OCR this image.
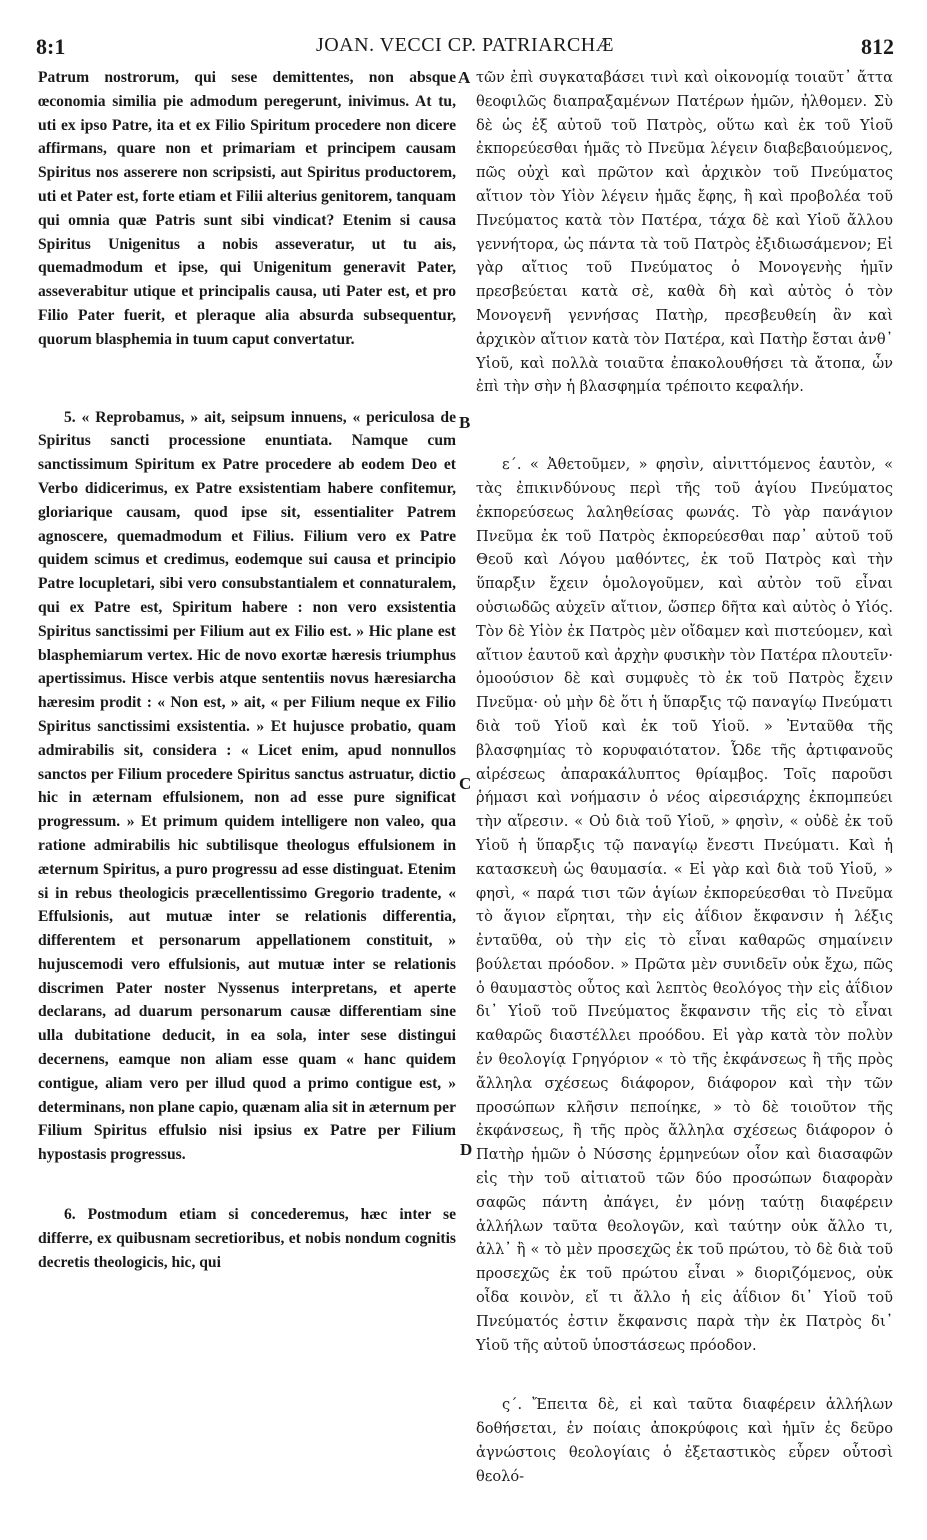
8:1	JOAN. VECCI CP. PATRIARCHÆ	812

Patrum nostrorum, qui sese demittentes, non absque œconomia similia pie admodum peregerunt, inivimus. At tu, uti ex ipso Patre, ita et ex Filio Spiritum procedere non dicere affirmans, quare non et primariam et principem causam Spiritus nos asserere non scripsisti, aut Spiritus productorem, uti et Pater est, forte etiam et Filii alterius genitorem, tanquam qui omnia quæ Patris sunt sibi vindicat? Etenim si causa Spiritus Unigenitus a nobis asseveratur, ut tu ais, quemadmodum et ipse, qui Unigenitum generavit Pater, asseverabitur utique et principalis causa, uti Pater est, et pro Filio Pater fuerit, et pleraque alia absurda subsequentur, quorum blasphemia in tuum caput convertatur.

5. « Reprobamus, » ait, seipsum innuens, « periculosa de Spiritus sancti processione enuntiata. Namque cum sanctissimum Spiritum ex Patre procedere ab eodem Deo et Verbo didicerimus, ex Patre exsistentiam habere confitemur, gloriarique causam, quod ipse sit, essentialiter Patrem agnoscere, quemadmodum et Filius. Filium vero ex Patre quidem scimus et credimus, eodemque sui causa et principio Patre locupletari, sibi vero consubstantialem et connaturalem, qui ex Patre est, Spiritum habere : non vero exsistentia Spiritus sanctissimi per Filium aut ex Filio est. » Hic plane est blasphemiarum vertex. Hic de novo exortæ hæresis triumphus apertissimus. Hisce verbis atque sententiis novus hæresiarcha hæresim prodit : « Non est, » ait, « per Filium neque ex Filio Spiritus sanctissimi exsistentia. » Et hujusce probatio, quam admirabilis sit, considera : « Licet enim, apud nonnullos sanctos per Filium procedere Spiritus sanctus astruatur, dictio hic in æternam effulsionem, non ad esse pure significat progressum. » Et primum quidem intelligere non valeo, qua ratione admirabilis hic subtilisque theologus effulsionem in æternum Spiritus, a puro progressu ad esse distinguat. Etenim si in rebus theologicis præcellentissimo Gregorio tradente, « Effulsionis, aut mutuæ inter se relationis differentia, differentem et personarum appellationem constituit, » hujuscemodi vero effulsionis, aut mutuæ inter se relationis discrimen Pater noster Nyssenus interpretans, et aperte declarans, ad duarum personarum causæ differentiam sine ulla dubitatione deducit, in ea sola, inter sese distingui decernens, eamque non aliam esse quam « hanc quidem contigue, aliam vero per illud quod a primo contigue est, » determinans, non plane capio, quænam alia sit in æternum per Filium Spiritus effulsio nisi ipsius ex Patre per Filium hypostasis progressus.

6. Postmodum etiam si concederemus, hæc inter se differre, ex quibusnam secretioribus, et nobis nondum cognitis decretis theologicis, hic, qui

A
B
C
D

τῶν ἐπὶ συγκαταβάσει τινὶ καὶ οἰκονομίᾳ τοιαῦτ᾽ ἄττα θεοφιλῶς διαπραξαμένων Πατέρων ἡμῶν, ἠλθομεν. Σὺ δὲ ὡς ἐξ αὐτοῦ τοῦ Πατρὸς, οὕτω καὶ ἐκ τοῦ Υἱοῦ ἐκπορεύεσθαι ἡμᾶς τὸ Πνεῦμα λέγειν διαβεβαιούμενος, πῶς οὐχὶ καὶ πρῶτον καὶ ἀρχικὸν τοῦ Πνεύματος αἴτιον τὸν Υἱὸν λέγειν ἡμᾶς ἔφης, ἢ καὶ προβολέα τοῦ Πνεύματος κατὰ τὸν Πατέρα, τάχα δὲ καὶ Υἱοῦ ἄλλου γεννήτορα, ὡς πάντα τὰ τοῦ Πατρὸς ἐξιδιωσάμενον; Εἰ γὰρ αἴτιος τοῦ Πνεύματος ὁ Μονογενὴς ἡμῖν πρεσβεύεται κατὰ σὲ, καθὰ δὴ καὶ αὐτὸς ὁ τὸν Μονογενῆ γεννήσας Πατὴρ, πρεσβευθείη ἂν καὶ ἀρχικὸν αἴτιον κατὰ τὸν Πατέρα, καὶ Πατὴρ ἔσται ἀνθ᾽ Υἱοῦ, καὶ πολλὰ τοιαῦτα ἐπακολουθήσει τὰ ἄτοπα, ὧν ἐπὶ τὴν σὴν ἡ βλασφημία τρέποιτο κεφαλήν.

ε΄. « Ἀθετοῦμεν, » φησὶν, αἰνιττόμενος ἑαυτὸν, « τὰς ἐπικινδύνους περὶ τῆς τοῦ ἁγίου Πνεύματος ἐκπορεύσεως λαληθείσας φωνάς. Τὸ γὰρ πανάγιον Πνεῦμα ἐκ τοῦ Πατρὸς ἐκπορεύεσθαι παρ᾽ αὐτοῦ τοῦ Θεοῦ καὶ Λόγου μαθόντες, ἐκ τοῦ Πατρὸς καὶ τὴν ὕπαρξιν ἔχειν ὁμολογοῦμεν, καὶ αὐτὸν τοῦ εἶναι οὐσιωδῶς αὐχεῖν αἴτιον, ὥσπερ δῆτα καὶ αὐτὸς ὁ Υἱός. Τὸν δὲ Υἱὸν ἐκ Πατρὸς μὲν οἴδαμεν καὶ πιστεύομεν, καὶ αἴτιον ἑαυτοῦ καὶ ἀρχὴν φυσικὴν τὸν Πατέρα πλουτεῖν· ὁμοούσιον δὲ καὶ συμφυὲς τὸ ἐκ τοῦ Πατρὸς ἔχειν Πνεῦμα· οὐ μὴν δὲ ὅτι ἡ ὕπαρξις τῷ παναγίῳ Πνεύματι διὰ τοῦ Υἱοῦ καὶ ἐκ τοῦ Υἱοῦ. » Ἐνταῦθα τῆς βλασφημίας τὸ κορυφαιότατον. Ὧδε τῆς ἀρτιφανοῦς αἱρέσεως ἀπαρακάλυπτος θρίαμβος. Τοῖς παροῦσι ῥήμασι καὶ νοήμασιν ὁ νέος αἱρεσιάρχης ἐκπομπεύει τὴν αἵρεσιν. « Οὐ διὰ τοῦ Υἱοῦ, » φησὶν, « οὐδὲ ἐκ τοῦ Υἱοῦ ἡ ὕπαρξις τῷ παναγίῳ ἔνεστι Πνεύματι. Καὶ ἡ κατασκευὴ ὡς θαυμασία. « Εἰ γὰρ καὶ διὰ τοῦ Υἱοῦ, » φησὶ, « παρά τισι τῶν ἁγίων ἐκπορεύεσθαι τὸ Πνεῦμα τὸ ἅγιον εἴρηται, τὴν εἰς ἀΐδιον ἔκφανσιν ἡ λέξις ἐνταῦθα, οὐ τὴν εἰς τὸ εἶναι καθαρῶς σημαίνειν βούλεται πρόοδον. » Πρῶτα μὲν συνιδεῖν οὐκ ἔχω, πῶς ὁ θαυμαστὸς οὗτος καὶ λεπτὸς θεολόγος τὴν εἰς ἀΐδιον δι᾽ Υἱοῦ τοῦ Πνεύματος ἔκφανσιν τῆς εἰς τὸ εἶναι καθαρῶς διαστέλλει προόδου. Εἰ γὰρ κατὰ τὸν πολὺν ἐν θεολογίᾳ Γρηγόριον « τὸ τῆς ἐκφάνσεως ἢ τῆς πρὸς ἄλληλα σχέσεως διάφορον, διάφορον καὶ τὴν τῶν προσώπων κλῆσιν πεποίηκε, » τὸ δὲ τοιοῦτον τῆς ἐκφάνσεως, ἢ τῆς πρὸς ἄλληλα σχέσεως διάφορον ὁ Πατὴρ ἡμῶν ὁ Νύσσης ἑρμηνεύων οἷον καὶ διασαφῶν εἰς τὴν τοῦ αἰτιατοῦ τῶν δύο προσώπων διαφορὰν σαφῶς πάντη ἀπάγει, ἐν μόνῃ ταύτῃ διαφέρειν ἀλλήλων ταῦτα θεολογῶν, καὶ ταύτην οὐκ ἄλλο τι, ἀλλ᾽ ἢ « τὸ μὲν προσεχῶς ἐκ τοῦ πρώτου, τὸ δὲ διὰ τοῦ προσεχῶς ἐκ τοῦ πρώτου εἶναι » διοριζόμενος, οὐκ οἶδα κοινὸν, εἴ τι ἄλλο ἡ εἰς ἀΐδιον δι᾽ Υἱοῦ τοῦ Πνεύματός ἐστιν ἔκφανσις παρὰ τὴν ἐκ Πατρὸς δι᾽ Υἱοῦ τῆς αὐτοῦ ὑποστάσεως πρόοδον.

ς΄. Ἔπειτα δὲ, εἰ καὶ ταῦτα διαφέρειν ἀλλήλων δοθήσεται, ἐν ποίαις ἀποκρύφοις καὶ ἡμῖν ἐς δεῦρο ἀγνώστοις θεολογίαις ὁ ἐξεταστικὸς εὗρεν οὗτοσὶ θεολό-
